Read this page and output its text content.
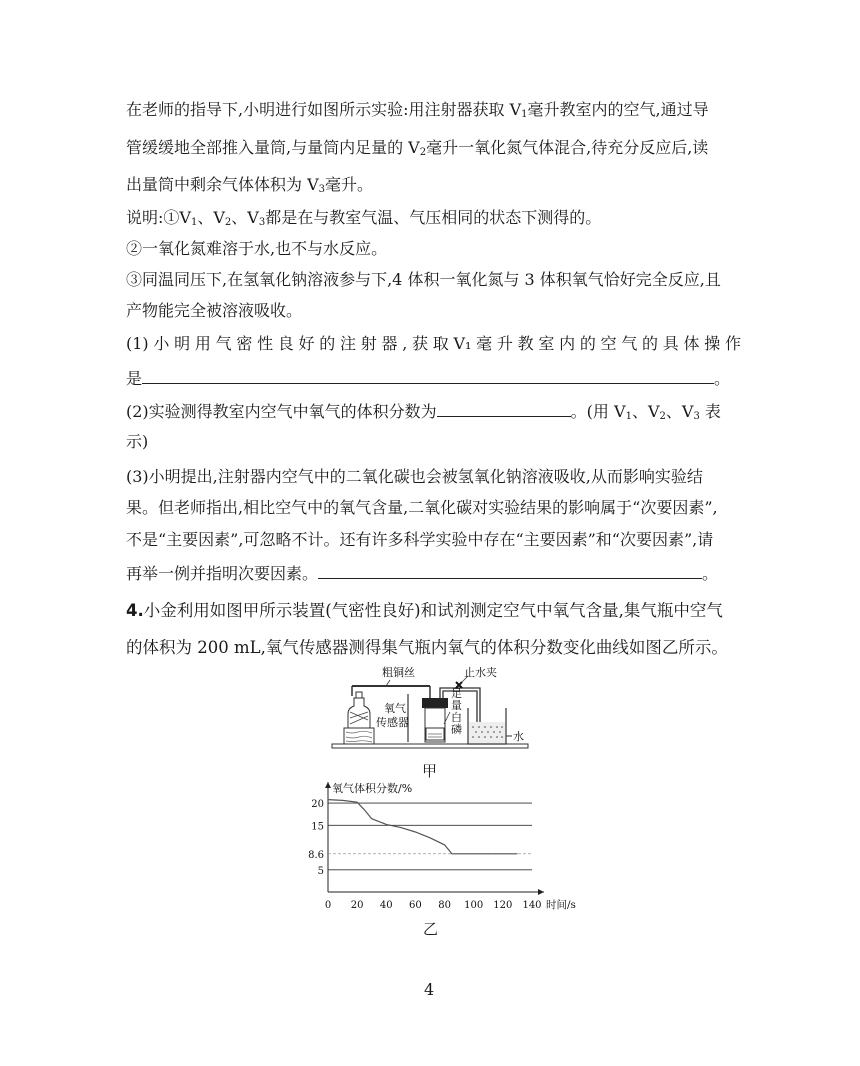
在老师的指导下,小明进行如图所示实验:用注射器获取 $V_1$毫升教室内的空气,通过导
管缓缓地全部推入量筒,与量筒内足量的 $V_2$毫升一氧化氮气体混合,待充分反应后,读
出量筒中剩余气体体积为 $V_3$毫升。
说明$:①V_1$、$V_2$、$V_3$都是在与教室气温、气压相同的状态下测得的。
②一氧化氮难溶于水,也不与水反应。
③同温同压下,在氢氧化钠溶液参与下,4 体积一氧化氮与 3 体积氧气恰好完全反应,且
产物能完全被溶液吸收。
(1) 小 明 用 气 密 性 良 好 的 注 射 器 , 获 取 V₁ 毫 升 教 室 内 的 空 气 的 具 体 操 作
是	。
(2)实验测得教室内空气中氧气的体积分数为	。(用 $V_1$、$V_2$、$V_3$ 表
示)
(3)小明提出,注射器内空气中的二氧化碳也会被氢氧化钠溶液吸收,从而影响实验结
果。但老师指出,相比空气中的氧气含量,二氧化碳对实验结果的影响属于“次要因素”,
不是“主要因素”,可忽略不计。还有许多科学实验中存在“主要因素”和“次要因素”,请
再举一例并指明次要因素。	。
4.小金利用如图甲所示装置(气密性良好)和试剂测定空气中氧气含量,集气瓶中空气
的体积为 200 mL,氧气传感器测得集气瓶内氧气的体积分数变化曲线如图乙所示。
粗铜丝	止水夹
氧气
传感器
足
量
白
磷
水
甲
20
15
8.6
5
0 20 40 60 80 100 120 140
氧气体积分数/%
时间/s
乙
4
